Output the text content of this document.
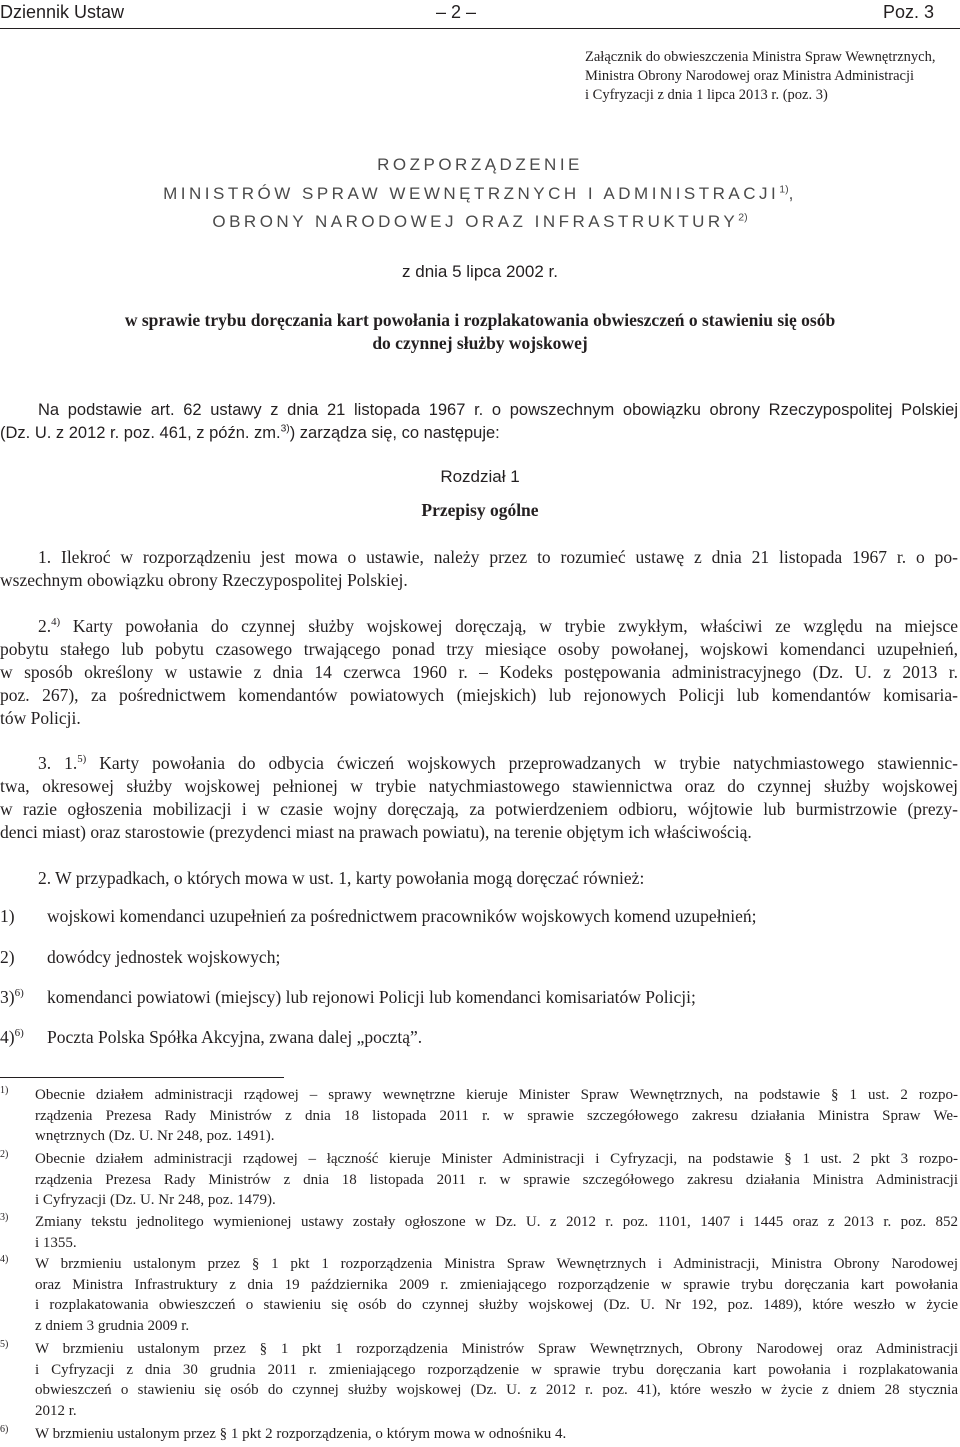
Dziennik Ustaw	– 2 –	Poz. 3
Załącznik do obwieszczenia Ministra Spraw Wewnętrznych,
Ministra Obrony Narodowej oraz Ministra Administracji
i Cyfryzacji z dnia 1 lipca 2013 r. (poz. 3)
ROZPORZĄDZENIE
MINISTRÓW SPRAW WEWNĘTRZNYCH I ADMINISTRACJI$^{1)}$,
OBRONY NARODOWEJ ORAZ INFRASTRUKTURY$^{2)}$
z dnia 5 lipca 2002 r.
w sprawie trybu doręczania kart powołania i rozplakatowania obwieszczeń o stawieniu się osób
do czynnej służby wojskowej
Na podstawie art. 62 ustawy z dnia 21 listopada 1967 r. o powszechnym obowiązku obrony Rzeczypospolitej Polskiej
(Dz. U. z 2012 r. poz. 461, z późn. zm.$^{3)}$) zarządza się, co następuje:
Rozdział 1
Przepisy ogólne
1. Ilekroć w rozporządzeniu jest mowa o ustawie, należy przez to rozumieć ustawę z dnia 21 listopada 1967 r. o po-
wszechnym obowiązku obrony Rzeczypospolitej Polskiej.
2.$^{4)}$ Karty powołania do czynnej służby wojskowej doręczają, w trybie zwykłym, właściwi ze względu na miejsce
pobytu stałego lub pobytu czasowego trwającego ponad trzy miesiące osoby powołanej, wojskowi komendanci uzupełnień,
w sposób określony w ustawie z dnia 14 czerwca 1960 r. – Kodeks postępowania administracyjnego (Dz. U. z 2013 r.
poz. 267), za pośrednictwem komendantów powiatowych (miejskich) lub rejonowych Policji lub komendantów komisaria-
tów Policji.
3. 1.$^{5)}$ Karty powołania do odbycia ćwiczeń wojskowych przeprowadzanych w trybie natychmiastowego stawiennic-
twa, okresowej służby wojskowej pełnionej w trybie natychmiastowego stawiennictwa oraz do czynnej służby wojskowej
w razie ogłoszenia mobilizacji i w czasie wojny doręczają, za potwierdzeniem odbioru, wójtowie lub burmistrzowie (prezy-
denci miast) oraz starostowie (prezydenci miast na prawach powiatu), na terenie objętym ich właściwością.
2. W przypadkach, o których mowa w ust. 1, karty powołania mogą doręczać również:
1) wojskowi komendanci uzupełnień za pośrednictwem pracowników wojskowych komend uzupełnień;
2) dowódcy jednostek wojskowych;
3)$^{6)}$ komendanci powiatowi (miejscy) lub rejonowi Policji lub komendanci komisariatów Policji;
4)$^{6)}$ Poczta Polska Spółka Akcyjna, zwana dalej „pocztą”.
1) Obecnie działem administracji rządowej – sprawy wewnętrzne kieruje Minister Spraw Wewnętrznych, na podstawie § 1 ust. 2 rozpo-
rządzenia Prezesa Rady Ministrów z dnia 18 listopada 2011 r. w sprawie szczegółowego zakresu działania Ministra Spraw We-
wnętrznych (Dz. U. Nr 248, poz. 1491).
2) Obecnie działem administracji rządowej – łączność kieruje Minister Administracji i Cyfryzacji, na podstawie § 1 ust. 2 pkt 3 rozpo-
rządzenia Prezesa Rady Ministrów z dnia 18 listopada 2011 r. w sprawie szczegółowego zakresu działania Ministra Administracji
i Cyfryzacji (Dz. U. Nr 248, poz. 1479).
3) Zmiany tekstu jednolitego wymienionej ustawy zostały ogłoszone w Dz. U. z 2012 r. poz. 1101, 1407 i 1445 oraz z 2013 r. poz. 852
i 1355.
4) W brzmieniu ustalonym przez § 1 pkt 1 rozporządzenia Ministra Spraw Wewnętrznych i Administracji, Ministra Obrony Narodowej
oraz Ministra Infrastruktury z dnia 19 października 2009 r. zmieniającego rozporządzenie w sprawie trybu doręczania kart powołania
i rozplakatowania obwieszczeń o stawieniu się osób do czynnej służby wojskowej (Dz. U. Nr 192, poz. 1489), które weszło w życie
z dniem 3 grudnia 2009 r.
5) W brzmieniu ustalonym przez § 1 pkt 1 rozporządzenia Ministrów Spraw Wewnętrznych, Obrony Narodowej oraz Administracji
i Cyfryzacji z dnia 30 grudnia 2011 r. zmieniającego rozporządzenie w sprawie trybu doręczania kart powołania i rozplakatowania
obwieszczeń o stawieniu się osób do czynnej służby wojskowej (Dz. U. z 2012 r. poz. 41), które weszło w życie z dniem 28 stycznia
2012 r.
6) W brzmieniu ustalonym przez § 1 pkt 2 rozporządzenia, o którym mowa w odnośniku 4.
